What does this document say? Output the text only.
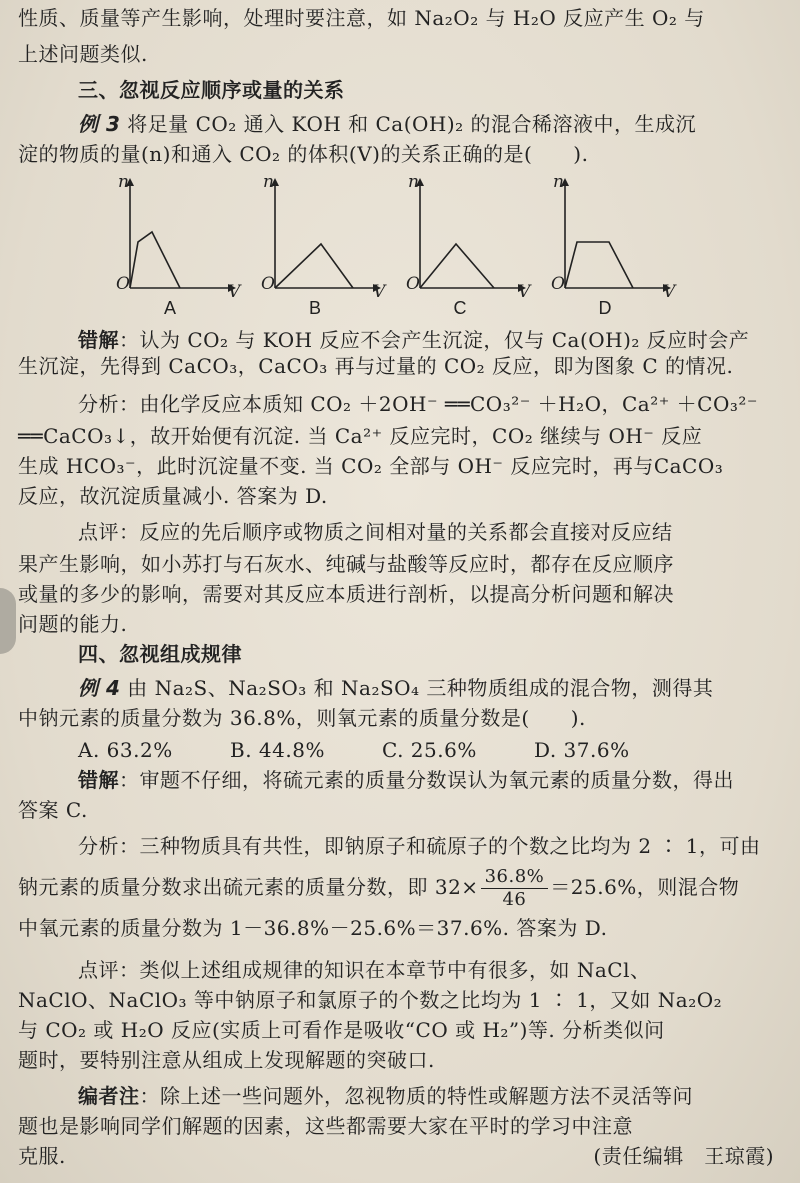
性质、质量等产生影响，处理时要注意，如 Na₂O₂ 与 H₂O 反应产生 O₂ 与
上述问题类似.
三、忽视反应顺序或量的关系
例 3 将足量 CO₂ 通入 KOH 和 Ca(OH)₂ 的混合稀溶液中，生成沉
淀的物质的量(n)和通入 CO₂ 的体积(V)的关系正确的是(　　).
n
O	V
A
n
O	V
B
n
O	V
C
n
O	V
D
错解：认为 CO₂ 与 KOH 反应不会产生沉淀，仅与 Ca(OH)₂ 反应时会产
生沉淀，先得到 CaCO₃，CaCO₃ 再与过量的 CO₂ 反应，即为图象 C 的情况.
分析：由化学反应本质知 CO₂ ＋2OH⁻ ══CO₃²⁻ ＋H₂O，Ca²⁺ ＋CO₃²⁻
══CaCO₃↓，故开始便有沉淀. 当 Ca²⁺ 反应完时，CO₂ 继续与 OH⁻ 反应
生成 HCO₃⁻，此时沉淀量不变. 当 CO₂ 全部与 OH⁻ 反应完时，再与CaCO₃
反应，故沉淀质量减小. 答案为 D.
点评：反应的先后顺序或物质之间相对量的关系都会直接对反应结
果产生影响，如小苏打与石灰水、纯碱与盐酸等反应时，都存在反应顺序
或量的多少的影响，需要对其反应本质进行剖析，以提高分析问题和解决
问题的能力.
四、忽视组成规律
例 4 由 Na₂S、Na₂SO₃ 和 Na₂SO₄ 三种物质组成的混合物，测得其
中钠元素的质量分数为 36.8%，则氧元素的质量分数是(　　).
A. 63.2%	B. 44.8%	C. 25.6%	D. 37.6%
错解：审题不仔细，将硫元素的质量分数误认为氧元素的质量分数，得出
答案 C.
分析：三种物质具有共性，即钠原子和硫原子的个数之比均为 2 ∶ 1，可由
钠元素的质量分数求出硫元素的质量分数，即 $32\times \frac{36.8\%}{46} =25.6\%$，则混合物
中氧元素的质量分数为 1－36.8%－25.6%＝37.6%. 答案为 D.
点评：类似上述组成规律的知识在本章节中有很多，如 NaCl、
NaClO、NaClO₃ 等中钠原子和氯原子的个数之比均为 1 ∶ 1，又如 Na₂O₂
与 CO₂ 或 H₂O 反应(实质上可看作是吸收“CO 或 H₂”)等. 分析类似问
题时，要特别注意从组成上发现解题的突破口.
编者注：除上述一些问题外，忽视物质的特性或解题方法不灵活等问
题也是影响同学们解题的因素，这些都需要大家在平时的学习中注意
克服.	(责任编辑　王琼霞)
